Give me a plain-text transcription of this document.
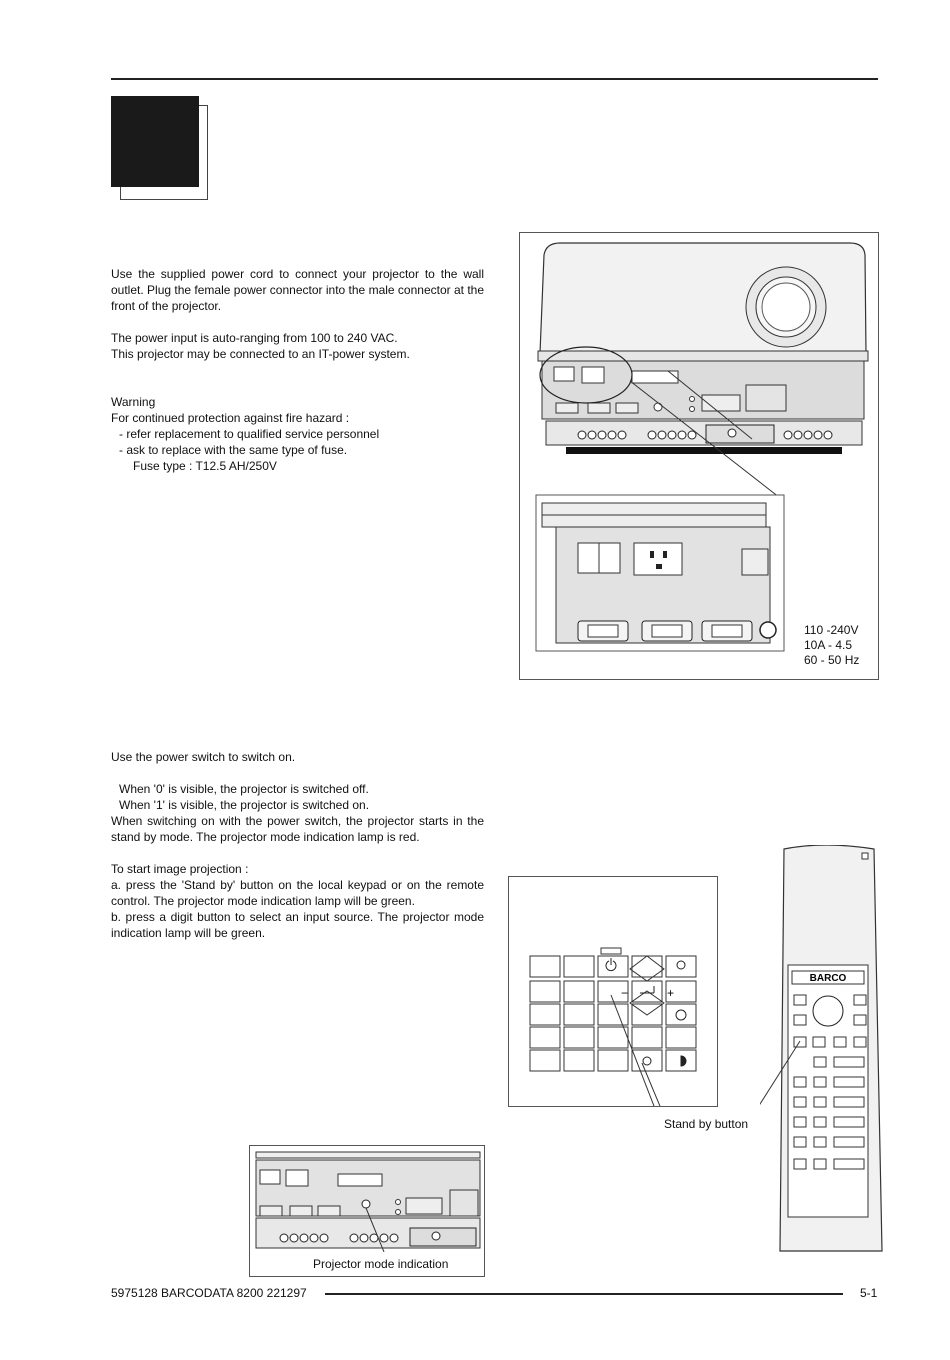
Use the supplied power cord to connect your projector to the wall outlet. Plug the female power connector into the male connector at the front of the projector.

The power input is auto-ranging from 100 to 240 VAC.

This projector may be connected to an IT-power system.

Warning

For continued protection against fire hazard :

- refer replacement to qualified service personnel

- ask to replace with the same type of fuse.

Fuse type : T12.5 AH/250V

110 -240V
10A - 4.5
60 - 50 Hz

Use the power switch to switch on.

When '0' is visible, the projector is switched off.

When '1' is visible, the projector is switched on.

When switching on with the power switch, the projector starts in the stand by mode. The projector mode indication lamp is red.

To start image projection :

a. press the 'Stand by' button on the local keypad or on the remote control. The projector mode indication lamp will be green.

b. press a digit button to select an input source. The projector mode indication lamp will be green.

−	+
Stand by button
BARCO
Projector mode indication
5975128 BARCODATA 8200 221297	5-1
